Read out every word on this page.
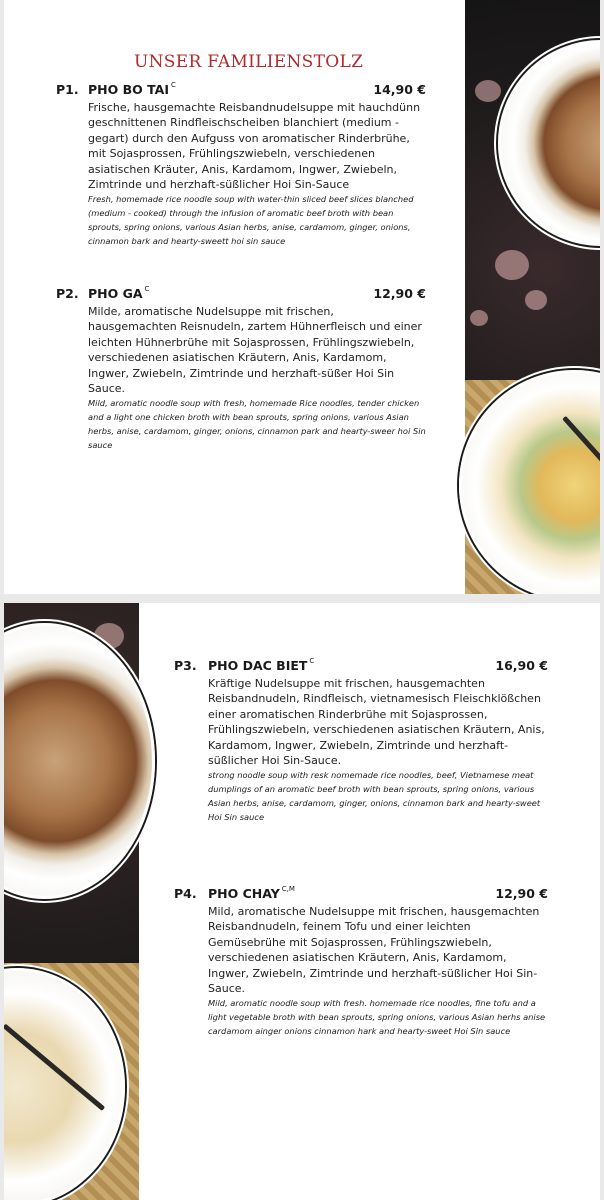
UNSER FAMILIENSTOLZ
P1. PHO BO TAI $^C$	14,90 €
Frische, hausgemachte Reisbandnudelsuppe mit hauchdünn geschnittenen Rindfleischscheiben blanchiert (medium - gegart) durch den Aufguss von aromatischer Rinderbrühe, mit Sojasprossen, Frühlingszwiebeln, verschiedenen asiatischen Kräuter, Anis, Kardamom, Ingwer, Zwiebeln, Zimtrinde und herzhaft-süßlicher Hoi Sin-Sauce
Fresh, homemade rice noodle soup with water-thin sliced beef slices blanched (medium - cooked) through the infusion of aromatic beef broth with bean sprouts, spring onions, various Asian herbs, anise, cardamom, ginger, onions, cinnamon bark and hearty-sweett hoi sin sauce
P2. PHO GA $^C$	12,90 €
Milde, aromatische Nudelsuppe mit frischen, hausgemachten Reisnudeln, zartem Hühnerfleisch und einer leichten Hühnerbrühe mit Sojasprossen, Frühlingszwiebeln, verschiedenen asiatischen Kräutern, Anis, Kardamom, Ingwer, Zwiebeln, Zimtrinde und herzhaft-süßer Hoi Sin Sauce.
Mild, aromatic noodle soup with fresh, homemade Rice noodles, tender chicken and a light one chicken broth with bean sprouts, spring onions, various Asian herbs, anise, cardamom, ginger, onions, cinnamon park and hearty-sweer hoi Sin sauce
P3. PHO DAC BIET $^C$	16,90 €
Kräftige Nudelsuppe mit frischen, hausgemachten Reisbandnudeln, Rindfleisch, vietnamesisch Fleischklößchen einer aromatischen Rinderbrühe mit Sojasprossen, Frühlingszwiebeln, verschiedenen asiatischen Kräutern, Anis, Kardamom, Ingwer, Zwiebeln, Zimtrinde und herzhaft-süßlicher Hoi Sin-Sauce.
strong noodle soup with resk nomemade rice noodles, beef, Vietnamese meat dumplings of an aromatic beef broth with bean sprouts, spring onions, various Asian herbs, anise, cardamom, ginger, onions, cinnamon bark and hearty-sweet Hoi Sin sauce
P4. PHO CHAY $^{C,M}$	12,90 €
Mild, aromatische Nudelsuppe mit frischen, hausgemachten Reisbandnudeln, feinem Tofu und einer leichten Gemüsebrühe mit Sojasprossen, Frühlingszwiebeln, verschiedenen asiatischen Kräutern, Anis, Kardamom, Ingwer, Zwiebeln, Zimtrinde und herzhaft-süßlicher Hoi Sin-Sauce.
Mild, aromatic noodle soup with fresh. homemade rice noodles, fine tofu and a light vegetable broth with bean sprouts, spring onions, various Asian herhs anise cardamom ainger onions cinnamon hark and hearty-sweet Hoi Sin sauce
